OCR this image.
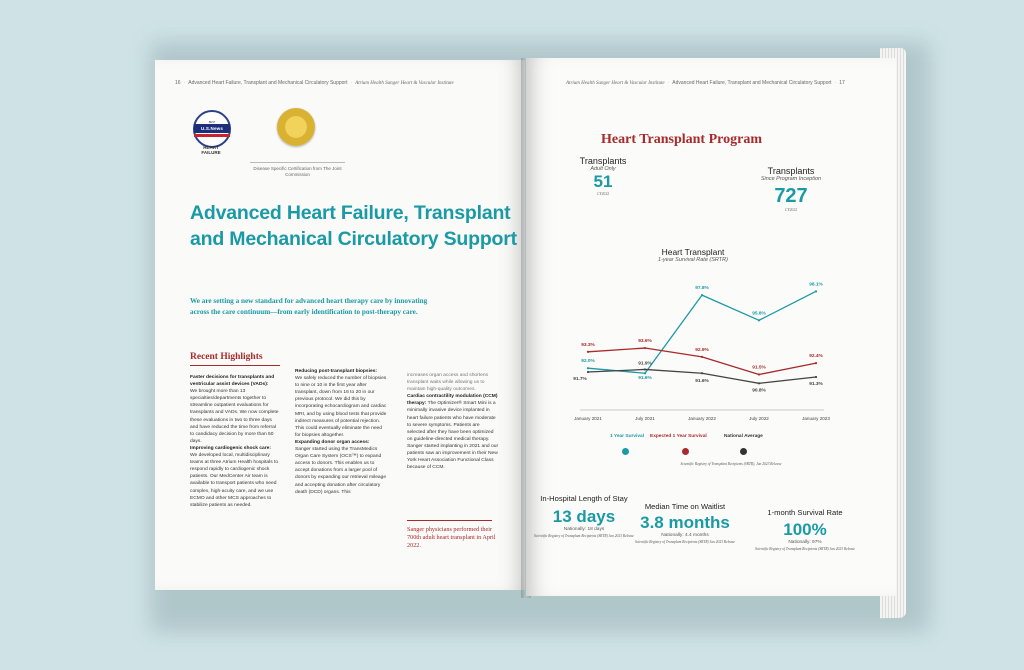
16 · Advanced Heart Failure, Transplant and Mechanical Circulatory Support · Atrium Health Sanger Heart & Vascular Institute
BEST
U.S.News
HEART FAILURE
Disease Specific Certification from The Joint Commission
Advanced Heart Failure, Transplant and Mechanical Circulatory Support
We are setting a new standard for advanced heart therapy care by innovating across the care continuum—from early identification to post-therapy care.
Recent Highlights
Faster decisions for transplants and ventricular assist devices (VADs):
We brought more than 13 specialties/departments together to streamline outpatient evaluations for transplants and VADs. We now complete these evaluations in two to three days and have reduced the time from referral to candidacy decision by more than 50 days.
Improving cardiogenic shock care:
We developed local, multidisciplinary teams at three Atrium Health hospitals to respond rapidly to cardiogenic shock patients. Our MedCenter Air team is available to transport patients who need complex, high-acuity care, and we use ECMO and other MCS approaches to stabilize patients as needed.
Reducing post-transplant biopsies:
We safely reduced the number of biopsies to nine or 10 in the first year after transplant, down from 16 to 20 in our previous protocol. We did this by incorporating echocardiogram and cardiac MRI, and by using blood tests that provide indirect measures of potential rejection. This could eventually eliminate the need for biopsies altogether.
Expanding donor organ access:
Sanger started using the TransMedics Organ Care System (OCS™) to expand access to donors. This enables us to accept donations from a larger pool of donors by expanding our retrieval mileage and accepting donation after circulatory death (DCD) organs. This
increases organ access and shortens transplant waits while allowing us to maintain high-quality outcomes.
Cardiac contractility modulation (CCM) therapy: The Optimizer® Smart Mini is a minimally invasive device implanted in heart failure patients who have moderate to severe symptoms. Patients are selected after they have been optimized on guideline-directed medical therapy. Sanger started implanting in 2021 and our patients saw an improvement in their New York Heart Association Functional Class because of CCM.
Sanger physicians performed their 700th adult heart transplant in April 2022.
Atrium Health Sanger Heart & Vascular Institute · Advanced Heart Failure, Transplant and Mechanical Circulatory Support · 17
Heart Transplant Program
Transplants
Adult Only
51
CY2022
Transplants
Since Program Inception
727
CY2022
Heart Transplant
1-year Survival Rate (SRTR)
January 2021	July 2021	January 2022	July 2022	January 2023
92.0%
91.6%
97.8%
95.8%
98.1%
93.3%
93.6%
92.9%
91.5%
92.4%
91.7%
91.9%
91.6%
90.8%
91.3%
1 Year Survival Expected 1 Year Survival	National Average
Scientific Registry of Transplant Recipients (SRTR), Jan 2023 Release
In-Hospital Length of Stay
13 days
Nationally: 18 days
Scientific Registry of Transplant Recipients (SRTR) Jan 2023 Release
Median Time on Waitlist
3.8 months
Nationally: 4.4 months
Scientific Registry of Transplant Recipients (SRTR) Jan 2023 Release
1-month Survival Rate
100%
Nationally: 97%
Scientific Registry of Transplant Recipients (SRTR) Jan 2023 Release
